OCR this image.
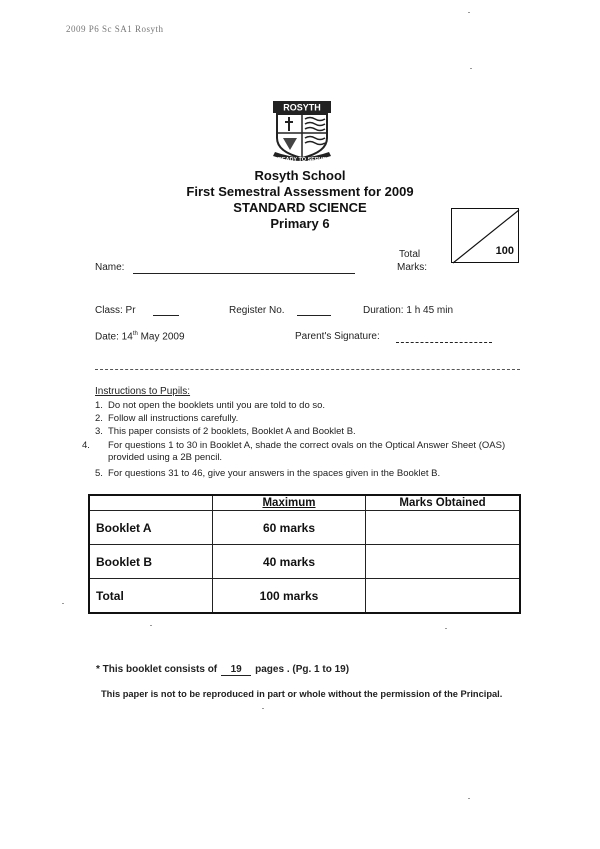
2009 P6 Sc SA1 Rosyth
ROSYTH
READY TO SERVE
Rosyth School
First Semestral Assessment for 2009
STANDARD SCIENCE
Primary 6
100
Total
Marks:
Name:
Class: Pr	Register No.	Duration: 1 h 45 min
Date: 14th May 2009	Parent's Signature:
Instructions to Pupils:
1. Do not open the booklets until you are told to do so.
2. Follow all instructions carefully.
3. This paper consists of 2 booklets, Booklet A and Booklet B.
4. For questions 1 to 30 in Booklet A, shade the correct ovals on the Optical Answer Sheet (OAS) provided using a 2B pencil.
5. For questions 31 to 46, give your answers in the spaces given in the Booklet B.
	Maximum	Marks Obtained
Booklet A	60 marks	
Booklet B	40 marks	
Total	100 marks	
* This booklet consists of 19 pages . (Pg. 1 to 19)
This paper is not to be reproduced in part or whole without the permission of the Principal.
